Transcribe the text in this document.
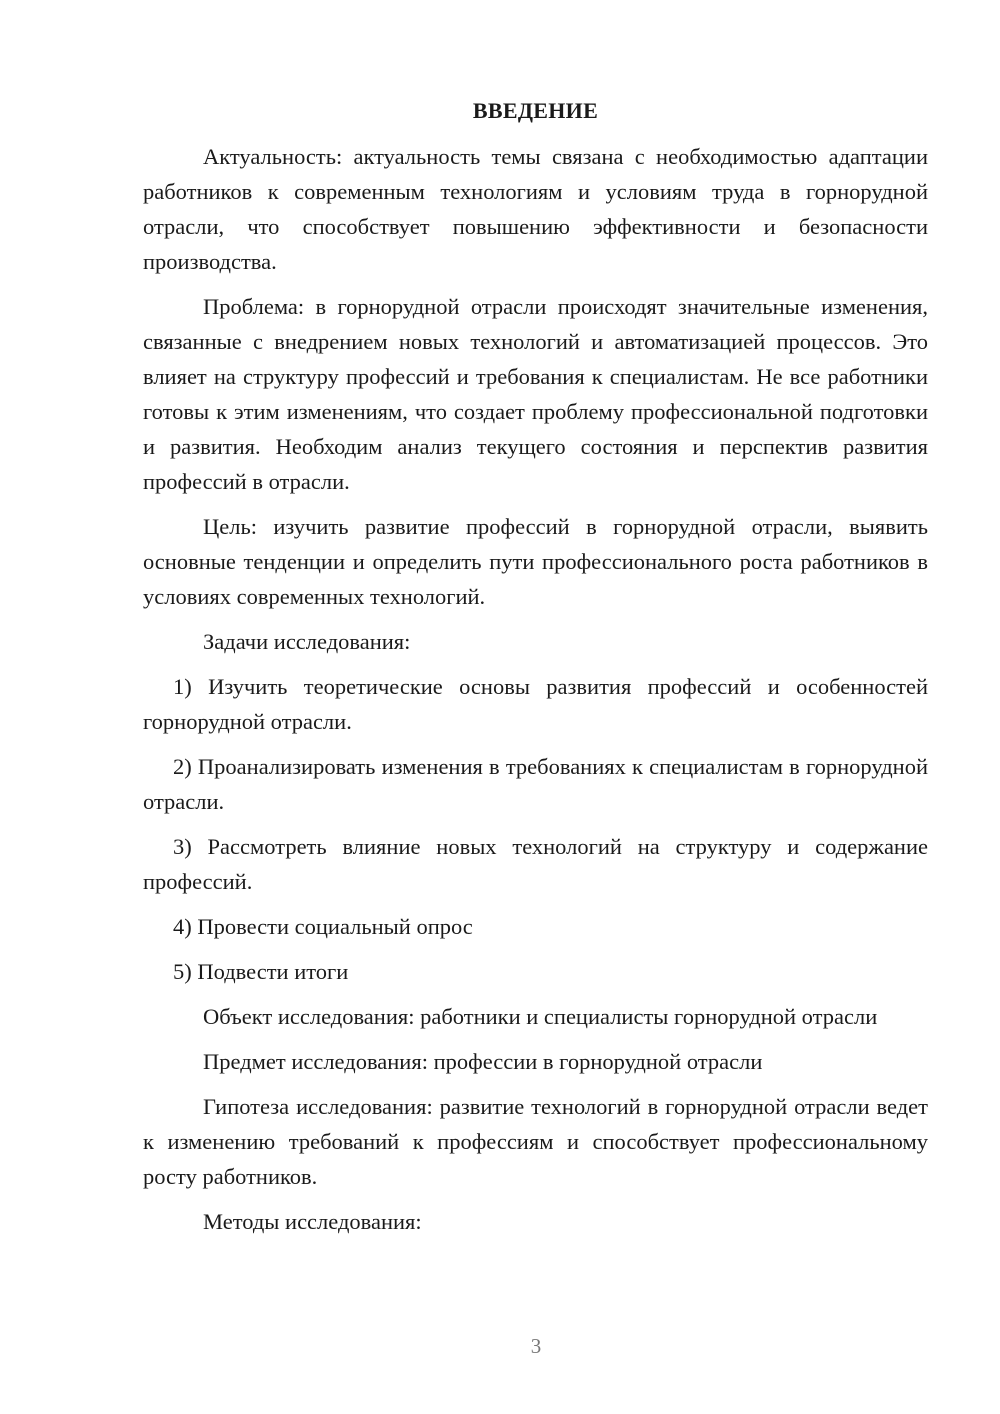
ВВЕДЕНИЕ

Актуальность: актуальность темы связана с необходимостью адаптации работников к современным технологиям и условиям труда в горнорудной отрасли, что способствует повышению эффективности и безопасности производства.

Проблема: в горнорудной отрасли происходят значительные изменения, связанные с внедрением новых технологий и автоматизацией процессов. Это влияет на структуру профессий и требования к специалистам. Не все работники готовы к этим изменениям, что создает проблему профессиональной подготовки и развития. Необходим анализ текущего состояния и перспектив развития профессий в отрасли.

Цель: изучить развитие профессий в горнорудной отрасли, выявить основные тенденции и определить пути профессионального роста работников в условиях современных технологий.

Задачи исследования:

1) Изучить теоретические основы развития профессий и особенностей горнорудной отрасли.

2) Проанализировать изменения в требованиях к специалистам в горнорудной отрасли.

3) Рассмотреть влияние новых технологий на структуру и содержание профессий.

4) Провести социальный опрос

5) Подвести итоги

Объект исследования: работники и специалисты горнорудной отрасли

Предмет исследования: профессии в горнорудной отрасли

Гипотеза исследования: развитие технологий в горнорудной отрасли ведет к изменению требований к профессиям и способствует профессиональному росту работников.

Методы исследования:

3
